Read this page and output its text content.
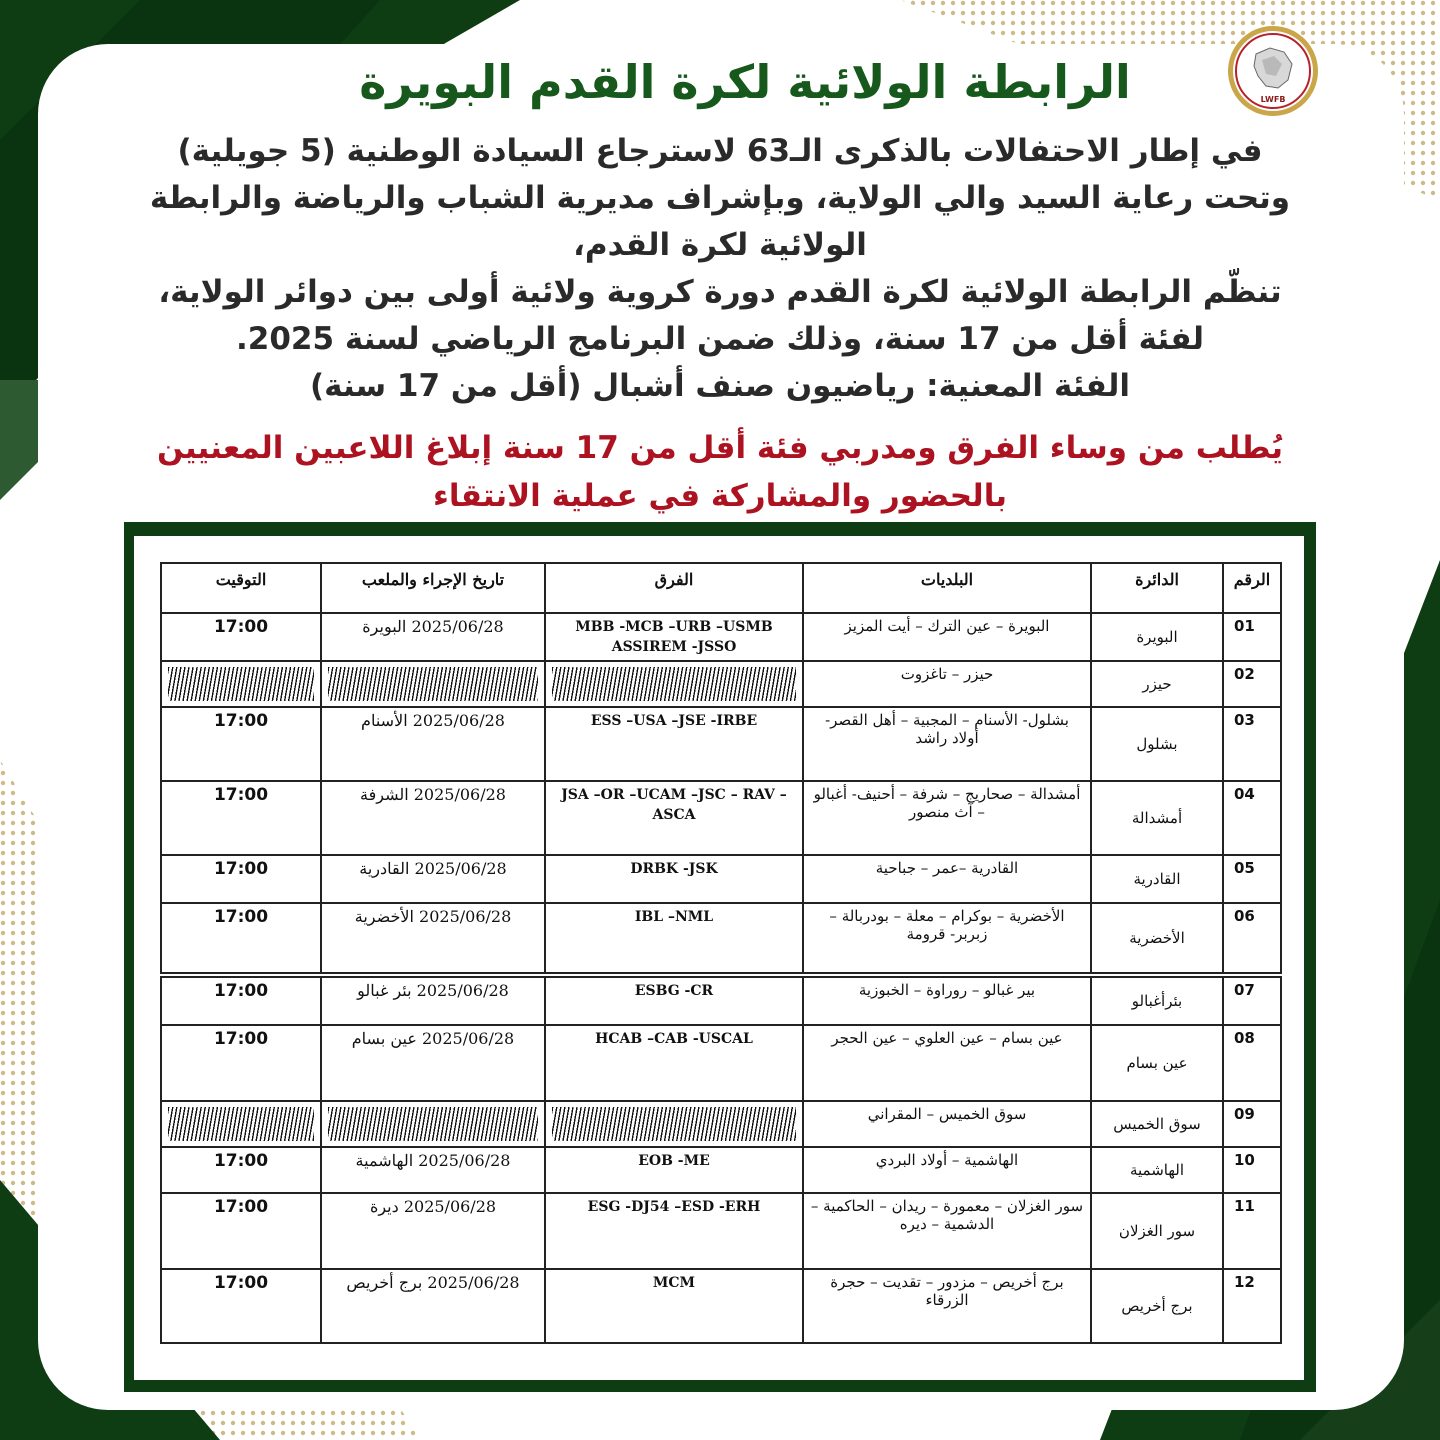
LWFB
الرابطة الولائية لكرة القدم البويرة
في إطار الاحتفالات بالذكرى الـ63 لاسترجاع السيادة الوطنية (5 جويلية)
وتحت رعاية السيد والي الولاية، وبإشراف مديرية الشباب والرياضة والرابطة
الولائية لكرة القدم،
تنظّم الرابطة الولائية لكرة القدم دورة كروية ولائية أولى بين دوائر الولاية،
لفئة أقل من 17 سنة، وذلك ضمن البرنامج الرياضي لسنة 2025.
الفئة المعنية: رياضيون صنف أشبال (أقل من 17 سنة)
يُطلب من وساء الفرق ومدربي فئة أقل من 17 سنة إبلاغ اللاعبين المعنيين
بالحضور والمشاركة في عملية الانتقاء
الرقم	الدائرة	البلديات	الفرق	تاريخ الإجراء والملعب	التوقيت
01	البويرة	البويرة – عين الترك – أيت المزيز	MBB -MCB –URB –USMB ASSIREM -JSSO	2025/06/28 البويرة	17:00
02	حيزر	حيزر – تاغزوت	

03	بشلول	بشلول- الأسنام – المجبية – أهل القصر- أولاد راشد	ESS –USA –JSE -IRBE	2025/06/28 الأسنام	17:00
04	أمشدالة	أمشدالة – صحاريج – شرفة – أحنيف- أغبالو – آث منصور	JSA –OR –UCAM –JSC – RAV –ASCA	2025/06/28 الشرفة	17:00
05	القادرية	القادرية –عمر – جباحية	DRBK -JSK	2025/06/28 القادرية	17:00
06	الأخضرية	الأخضرية – بوكرام – معلة – بودربالة – زبربر- قرومة	IBL –NML	2025/06/28 الأخضرية	17:00
07	بئرأغبالو	بير غبالو – روراوة – الخبوزية	ESBG -CR	2025/06/28 بئر غبالو	17:00
08	عين بسام	عين بسام – عين العلوي – عين الحجر	HCAB –CAB -USCAL	2025/06/28 عين بسام	17:00
09	سوق الخميس	سوق الخميس – المقراني	

10	الهاشمية	الهاشمية – أولاد البردي	EOB -ME	2025/06/28 الهاشمية	17:00
11	سور الغزلان	سور الغزلان – معمورة – ريدان – الحاكمية – الدشمية – ديره	ESG -DJ54 –ESD -ERH	2025/06/28 ديرة	17:00
12	برج أخريص	برج أخريص – مزدور – تقديت – حجرة الزرقاء	MCM	2025/06/28 برج أخريص	17:00
